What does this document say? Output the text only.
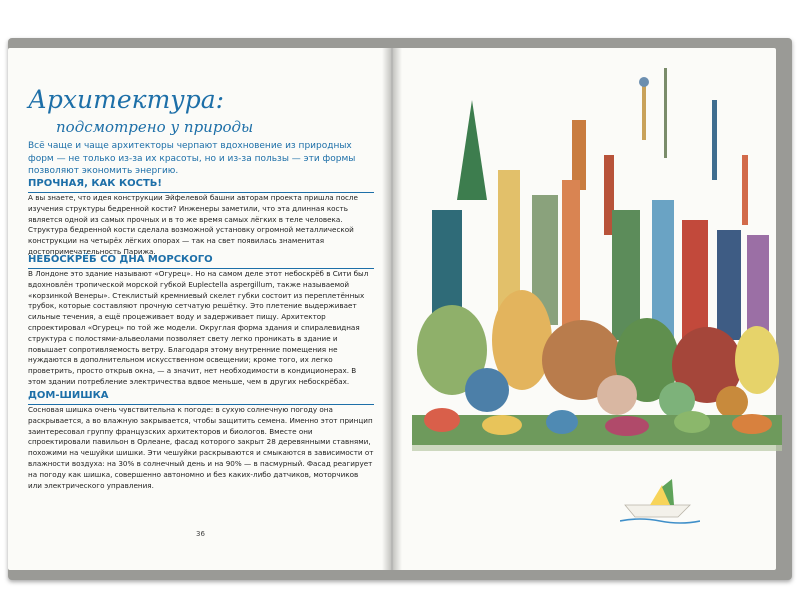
Архитектура:
подсмотрено у природы

Всё чаще и чаще архитекторы черпают вдохновение из природных форм — не только из-за их красоты, но и из-за пользы — эти формы позволяют экономить энергию.

ПРОЧНАЯ, КАК КОСТЬ!

А вы знаете, что идея конструкции Эйфелевой башни авторам проекта пришла после изучения структуры бедренной кости? Инженеры заметили, что эта длинная кость является одной из самых прочных и в то же время самых лёгких в теле человека. Структура бедренной кости сделала возможной установку огромной металлической конструкции на четырёх лёгких опорах — так на свет появилась знаменитая достопримечательность Парижа.

НЕБОСКРЁБ СО ДНА МОРСКОГО

В Лондоне это здание называют «Огурец». Но на самом деле этот небоскрёб в Сити был вдохновлён тропической морской губкой Euplectella aspergillum, также называемой «корзинкой Венеры». Стеклистый кремниевый скелет губки состоит из переплетённых трубок, которые составляют прочную сетчатую решётку. Это плетение выдерживает сильные течения, а ещё процеживает воду и задерживает пищу. Архитектор спроектировал «Огурец» по той же модели. Округлая форма здания и спиралевидная структура с полостями-альвеолами позволяет свету легко проникать в здание и повышает сопротивляемость ветру. Благодаря этому внутренние помещения не нуждаются в дополнительном искусственном освещении; кроме того, их легко проветрить, просто открыв окна, — а значит, нет необходимости в кондиционерах. В этом здании потребление электричества вдвое меньше, чем в других небоскрёбах.

ДОМ-ШИШКА

Сосновая шишка очень чувствительна к погоде: в сухую солнечную погоду она раскрывается, а во влажную закрывается, чтобы защитить семена. Именно этот принцип заинтересовал группу французских архитекторов и биологов. Вместе они спроектировали павильон в Орлеане, фасад которого закрыт 28 деревянными ставнями, похожими на чешуйки шишки. Эти чешуйки раскрываются и смыкаются в зависимости от влажности воздуха: на 30% в солнечный день и на 90% — в пасмурный. Фасад реагирует на погоду как шишка, совершенно автономно и без каких-либо датчиков, моторчиков или электрического управления.

36
